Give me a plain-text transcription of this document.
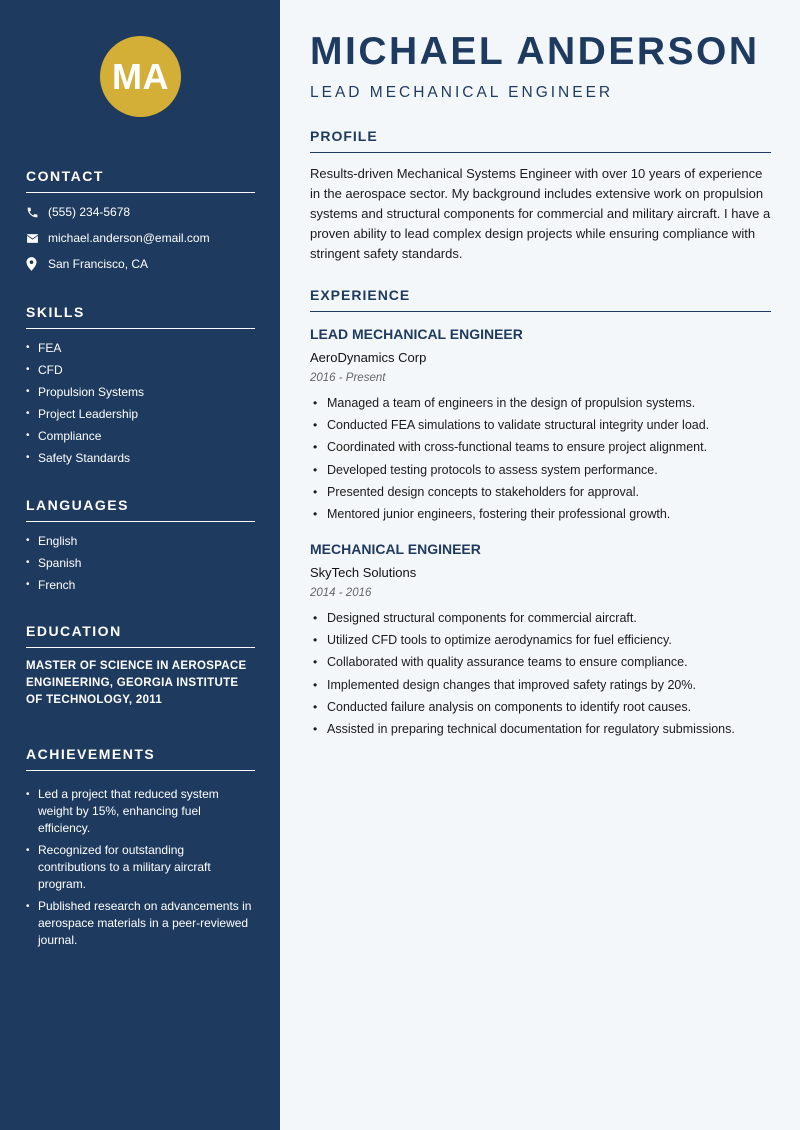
MA
CONTACT
(555) 234-5678
michael.anderson@email.com
San Francisco, CA
SKILLS
• FEA
• CFD
• Propulsion Systems
• Project Leadership
• Compliance
• Safety Standards
LANGUAGES
• English
• Spanish
• French
EDUCATION
MASTER OF SCIENCE IN AEROSPACE ENGINEERING, GEORGIA INSTITUTE OF TECHNOLOGY, 2011
ACHIEVEMENTS
• Led a project that reduced system weight by 15%, enhancing fuel efficiency.
• Recognized for outstanding contributions to a military aircraft program.
• Published research on advancements in aerospace materials in a peer-reviewed journal.
MICHAEL ANDERSON
LEAD MECHANICAL ENGINEER
PROFILE
Results-driven Mechanical Systems Engineer with over 10 years of experience in the aerospace sector. My background includes extensive work on propulsion systems and structural components for commercial and military aircraft. I have a proven ability to lead complex design projects while ensuring compliance with stringent safety standards.
EXPERIENCE
LEAD MECHANICAL ENGINEER
AeroDynamics Corp
2016 - Present
• Managed a team of engineers in the design of propulsion systems.
• Conducted FEA simulations to validate structural integrity under load.
• Coordinated with cross-functional teams to ensure project alignment.
• Developed testing protocols to assess system performance.
• Presented design concepts to stakeholders for approval.
• Mentored junior engineers, fostering their professional growth.
MECHANICAL ENGINEER
SkyTech Solutions
2014 - 2016
• Designed structural components for commercial aircraft.
• Utilized CFD tools to optimize aerodynamics for fuel efficiency.
• Collaborated with quality assurance teams to ensure compliance.
• Implemented design changes that improved safety ratings by 20%.
• Conducted failure analysis on components to identify root causes.
• Assisted in preparing technical documentation for regulatory submissions.
